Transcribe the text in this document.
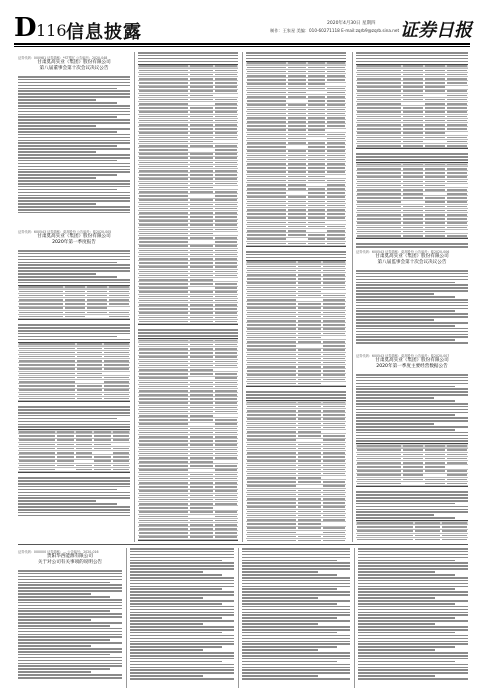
D 116 信息披露	2020年4月30日 星期四
制作：王家星 美编：010-60271118 E-mail:zqrb9@zqrb.sina.net 证券日报
证券代码：000981 证券简称：*ST银亿 公告编号：2020-048
甘肃莫高实业（集团）股份有限公司
第八届董事会第十次会议决议公告
证券代码：600543 证券简称：莫高股份 公告编号：临2020-005
甘肃莫高实业（集团）股份有限公司
2020年第一季度报告
证券代码：600543 证券简称：莫高股份 公告编号：临2020-006
甘肃莫高实业（集团）股份有限公司
第八届监事会第十次会议决议公告
证券代码：600543 证券简称：莫高股份 公告编号：临2020-007
甘肃莫高实业（集团）股份有限公司
2020年第一季度主要经营数据公告
证券代码：000000 证券简称：— 公告编号：2020-016
贵阳华西能源有限公司
关于对公司有关事项的说明公告
